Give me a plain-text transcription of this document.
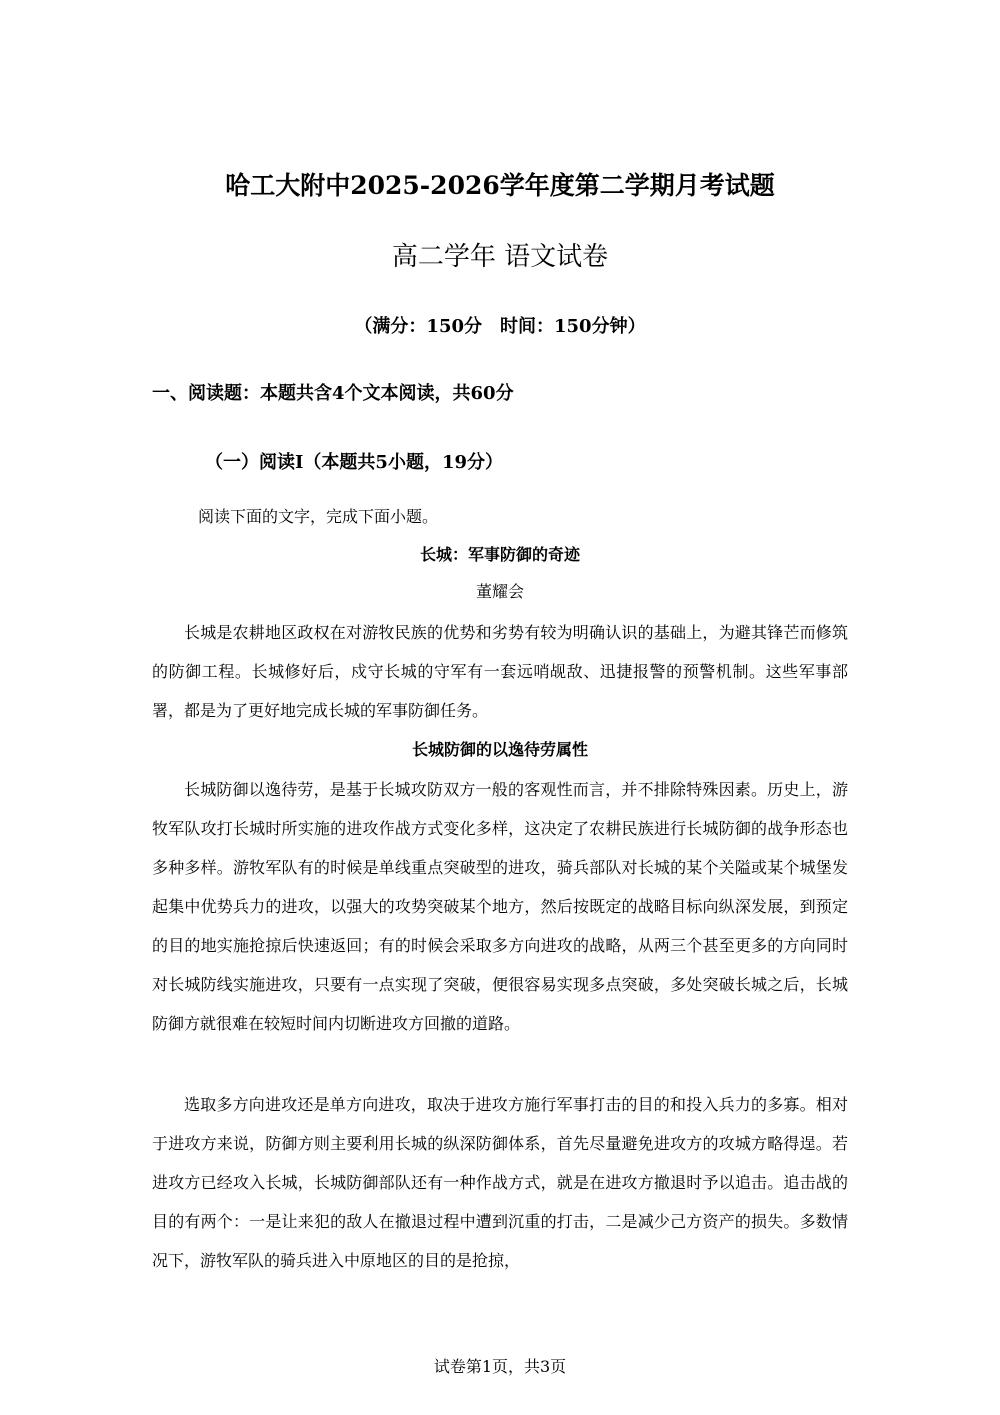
哈工大附中2025-2026学年度第二学期月考试题
高二学年 语文试卷
（满分：150分　时间：150分钟）
一、阅读题：本题共含4个文本阅读，共60分
（一）阅读Ⅰ（本题共5小题，19分）
阅读下面的文字，完成下面小题。
长城：军事防御的奇迹
董耀会

长城是农耕地区政权在对游牧民族的优势和劣势有较为明确认识的基础上，为避其锋芒而修筑的防御工程。长城修好后，戍守长城的守军有一套远哨觇敌、迅捷报警的预警机制。这些军事部署，都是为了更好地完成长城的军事防御任务。

长城防御的以逸待劳属性

长城防御以逸待劳，是基于长城攻防双方一般的客观性而言，并不排除特殊因素。历史上，游牧军队攻打长城时所实施的进攻作战方式变化多样，这决定了农耕民族进行长城防御的战争形态也多种多样。游牧军队有的时候是单线重点突破型的进攻，骑兵部队对长城的某个关隘或某个城堡发起集中优势兵力的进攻，以强大的攻势突破某个地方，然后按既定的战略目标向纵深发展，到预定的目的地实施抢掠后快速返回；有的时候会采取多方向进攻的战略，从两三个甚至更多的方向同时对长城防线实施进攻，只要有一点实现了突破，便很容易实现多点突破，多处突破长城之后，长城防御方就很难在较短时间内切断进攻方回撤的道路。

选取多方向进攻还是单方向进攻，取决于进攻方施行军事打击的目的和投入兵力的多寡。相对于进攻方来说，防御方则主要利用长城的纵深防御体系，首先尽量避免进攻方的攻城方略得逞。若进攻方已经攻入长城，长城防御部队还有一种作战方式，就是在进攻方撤退时予以追击。追击战的目的有两个：一是让来犯的敌人在撤退过程中遭到沉重的打击，二是减少己方资产的损失。多数情况下，游牧军队的骑兵进入中原地区的目的是抢掠，

试卷第1页，共3页
